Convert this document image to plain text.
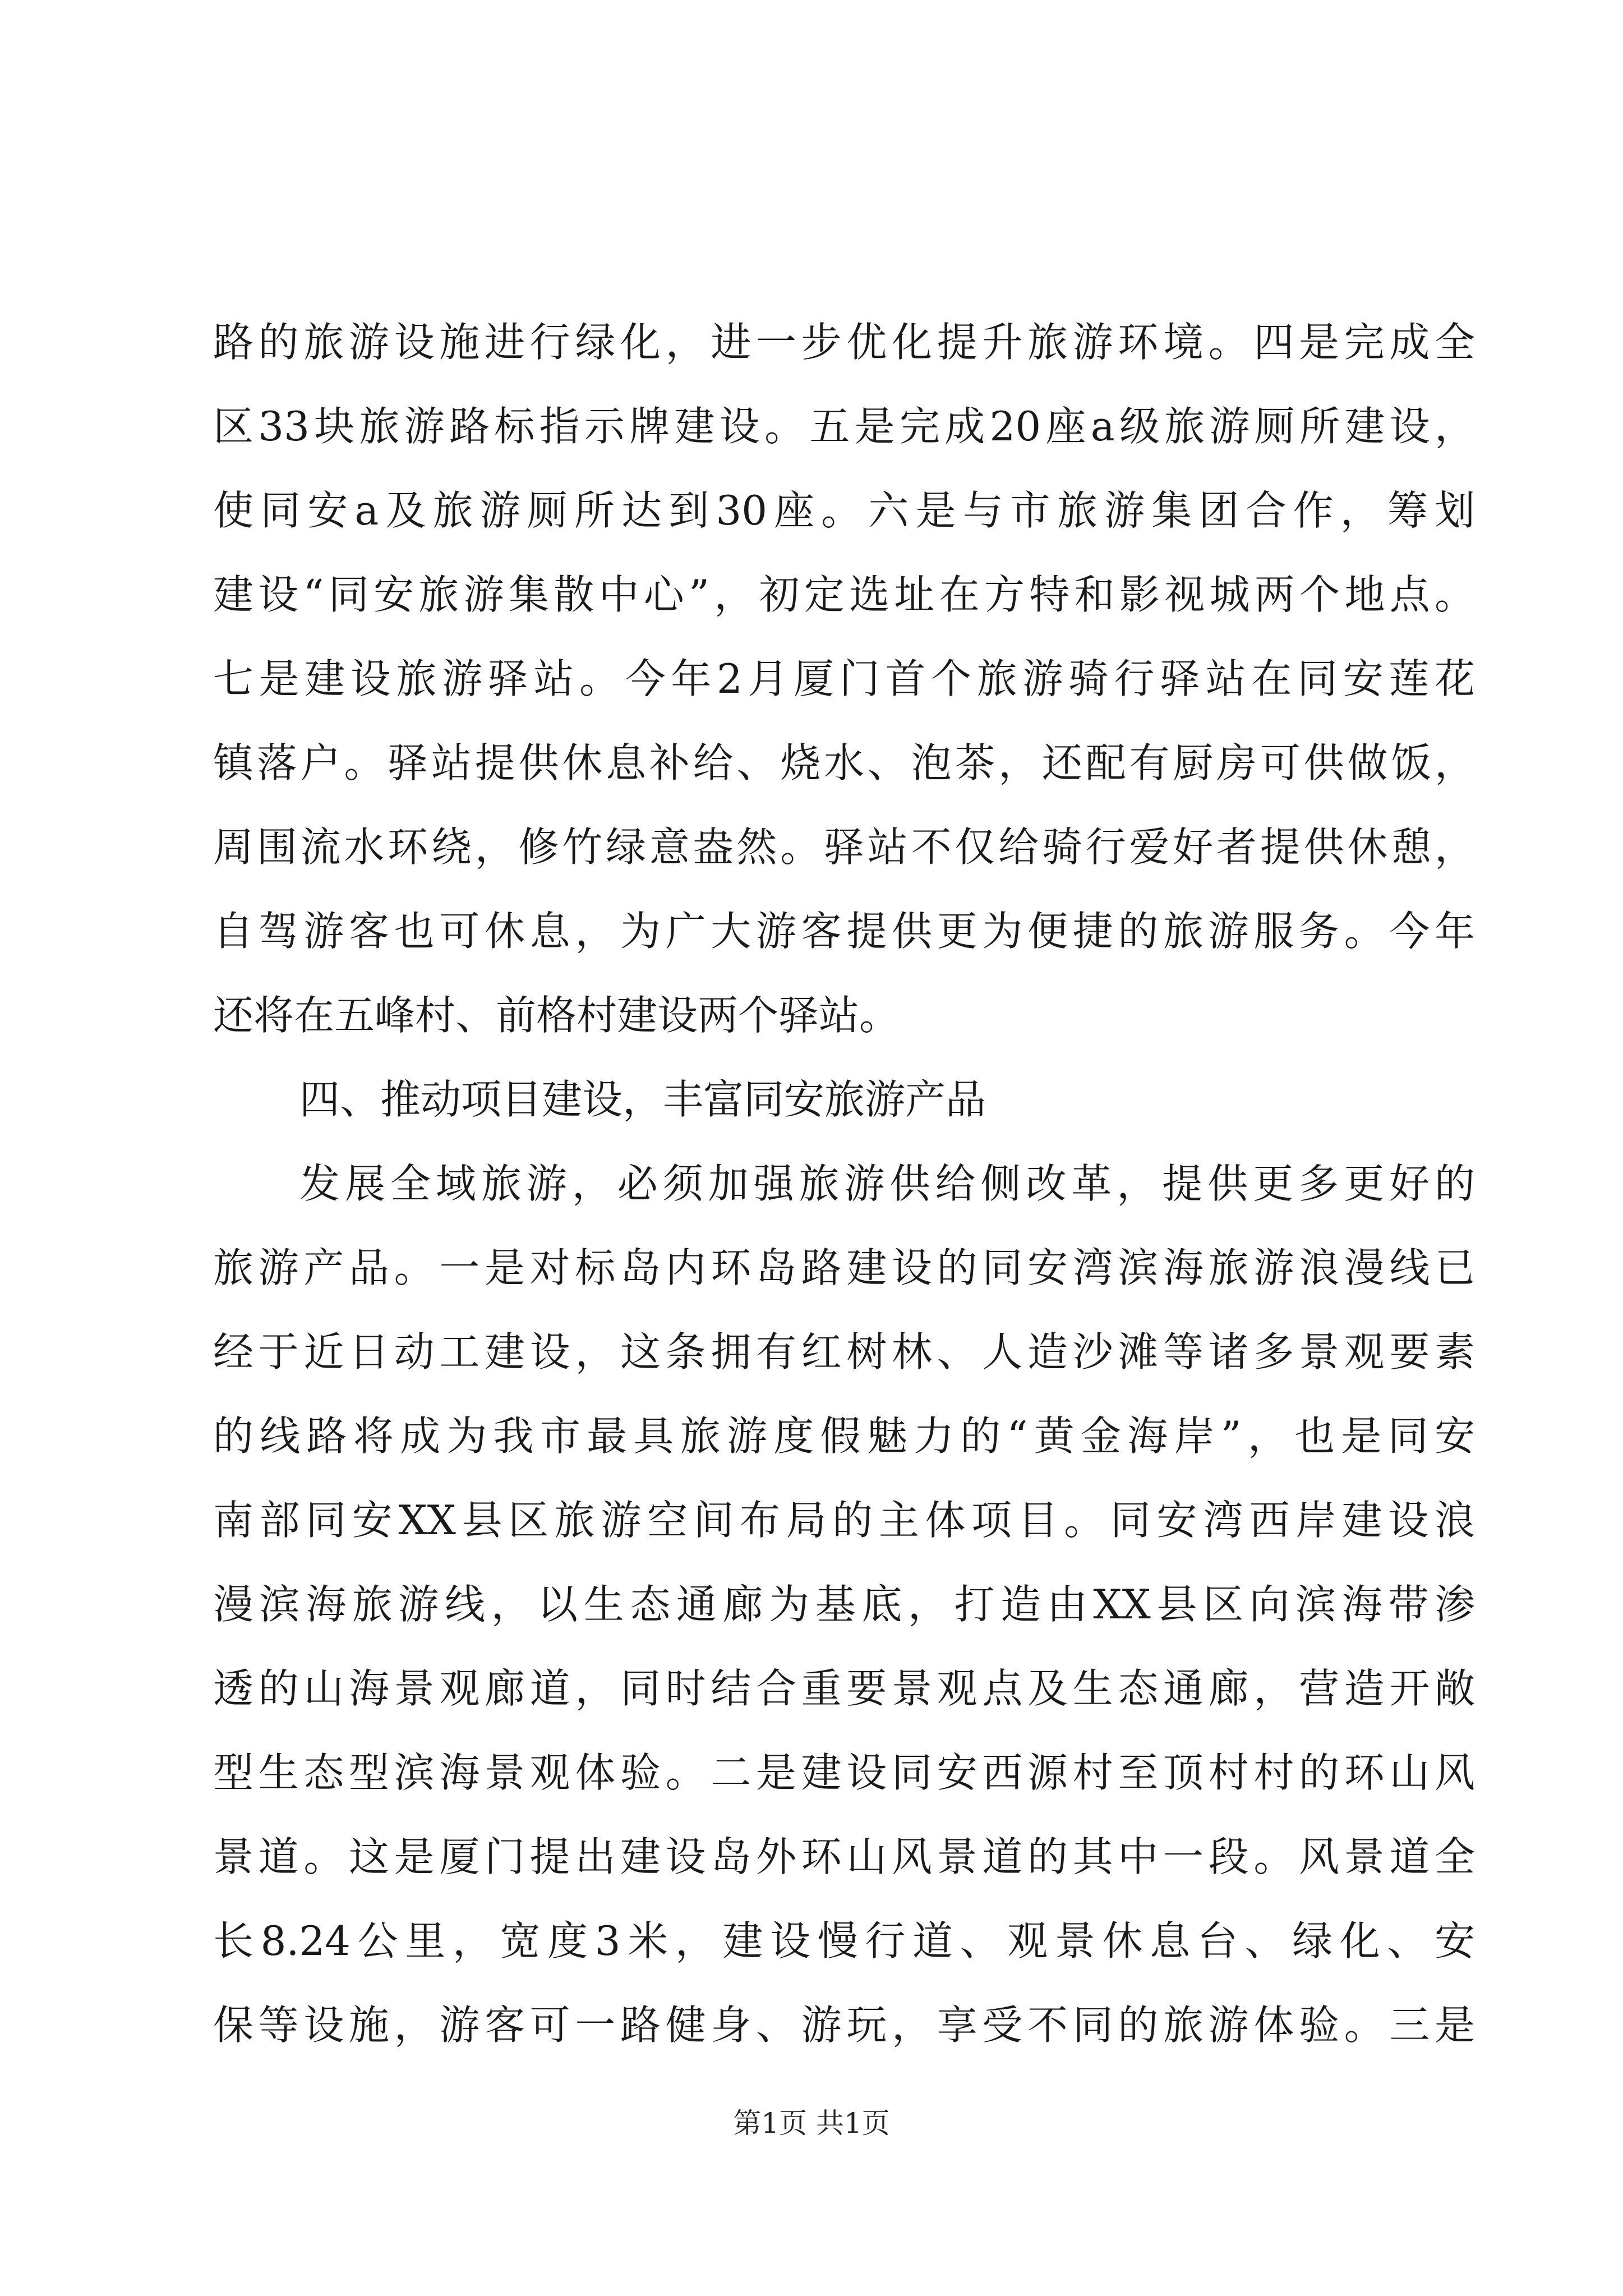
路的旅游设施进行绿化，进一步优化提升旅游环境。四是完成全
区33块旅游路标指示牌建设。五是完成20座a级旅游厕所建设，
使同安a及旅游厕所达到30座。六是与市旅游集团合作，筹划
建设“同安旅游集散中心”，初定选址在方特和影视城两个地点。
七是建设旅游驿站。今年2月厦门首个旅游骑行驿站在同安莲花
镇落户。驿站提供休息补给、烧水、泡茶，还配有厨房可供做饭，
周围流水环绕，修竹绿意盎然。驿站不仅给骑行爱好者提供休憩，
自驾游客也可休息，为广大游客提供更为便捷的旅游服务。今年
还将在五峰村、前格村建设两个驿站。
四、推动项目建设，丰富同安旅游产品
发展全域旅游，必须加强旅游供给侧改革，提供更多更好的
旅游产品。一是对标岛内环岛路建设的同安湾滨海旅游浪漫线已
经于近日动工建设，这条拥有红树林、人造沙滩等诸多景观要素
的线路将成为我市最具旅游度假魅力的“黄金海岸”，也是同安
南部同安XX县区旅游空间布局的主体项目。同安湾西岸建设浪
漫滨海旅游线，以生态通廊为基底，打造由XX县区向滨海带渗
透的山海景观廊道，同时结合重要景观点及生态通廊，营造开敞
型生态型滨海景观体验。二是建设同安西源村至顶村村的环山风
景道。这是厦门提出建设岛外环山风景道的其中一段。风景道全
长8.24公里，宽度3米，建设慢行道、观景休息台、绿化、安
保等设施，游客可一路健身、游玩，享受不同的旅游体验。三是
第1页 共1页
